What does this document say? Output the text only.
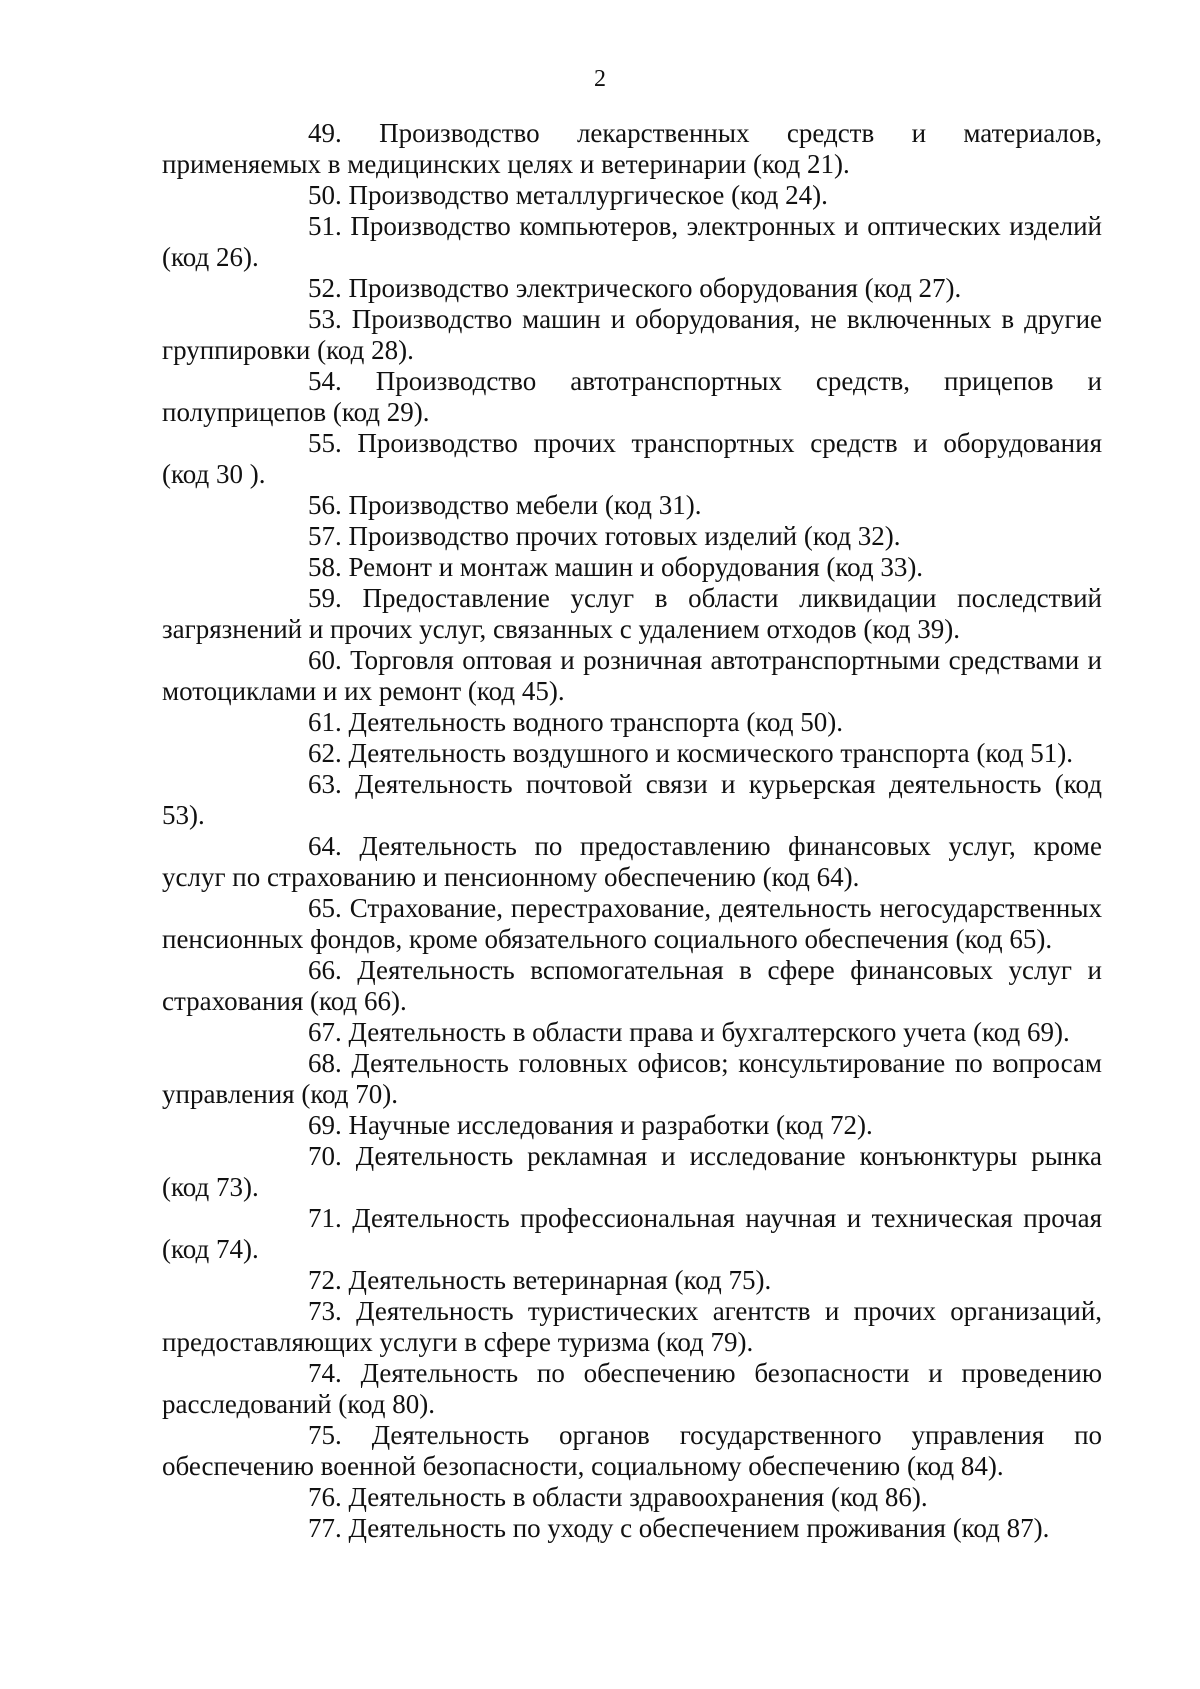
2

49. Производство лекарственных средств и материалов, применяемых в медицинских целях и ветеринарии (код 21).

50. Производство металлургическое (код 24).

51. Производство компьютеров, электронных и оптических изделий (код 26).

52. Производство электрического оборудования (код 27).

53. Производство машин и оборудования, не включенных в другие группировки (код 28).

54. Производство автотранспортных средств, прицепов и полуприцепов (код 29).

55. Производство прочих транспортных средств и оборудования (код 30 ).

56. Производство мебели (код 31).

57. Производство прочих готовых изделий (код 32).

58. Ремонт и монтаж машин и оборудования (код 33).

59. Предоставление услуг в области ликвидации последствий загрязнений и прочих услуг, связанных с удалением отходов (код 39).

60. Торговля оптовая и розничная автотранспортными средствами и мотоциклами и их ремонт (код 45).

61. Деятельность водного транспорта (код 50).

62. Деятельность воздушного и космического транспорта (код 51).

63. Деятельность почтовой связи и курьерская деятельность (код 53).

64. Деятельность по предоставлению финансовых услуг, кроме услуг по страхованию и пенсионному обеспечению (код 64).

65. Страхование, перестрахование, деятельность негосударственных пенсионных фондов, кроме обязательного социального обеспечения (код 65).

66. Деятельность вспомогательная в сфере финансовых услуг и страхования (код 66).

67. Деятельность в области права и бухгалтерского учета (код 69).

68. Деятельность головных офисов; консультирование по вопросам управления (код 70).

69. Научные исследования и разработки (код 72).

70. Деятельность рекламная и исследование конъюнктуры рынка (код 73).

71. Деятельность профессиональная научная и техническая прочая (код 74).

72. Деятельность ветеринарная (код 75).

73. Деятельность туристических агентств и прочих организаций, предоставляющих услуги в сфере туризма (код 79).

74. Деятельность по обеспечению безопасности и проведению расследований (код 80).

75. Деятельность органов государственного управления по обеспечению военной безопасности, социальному обеспечению (код 84).

76. Деятельность в области здравоохранения (код 86).

77. Деятельность по уходу с обеспечением проживания (код 87).
